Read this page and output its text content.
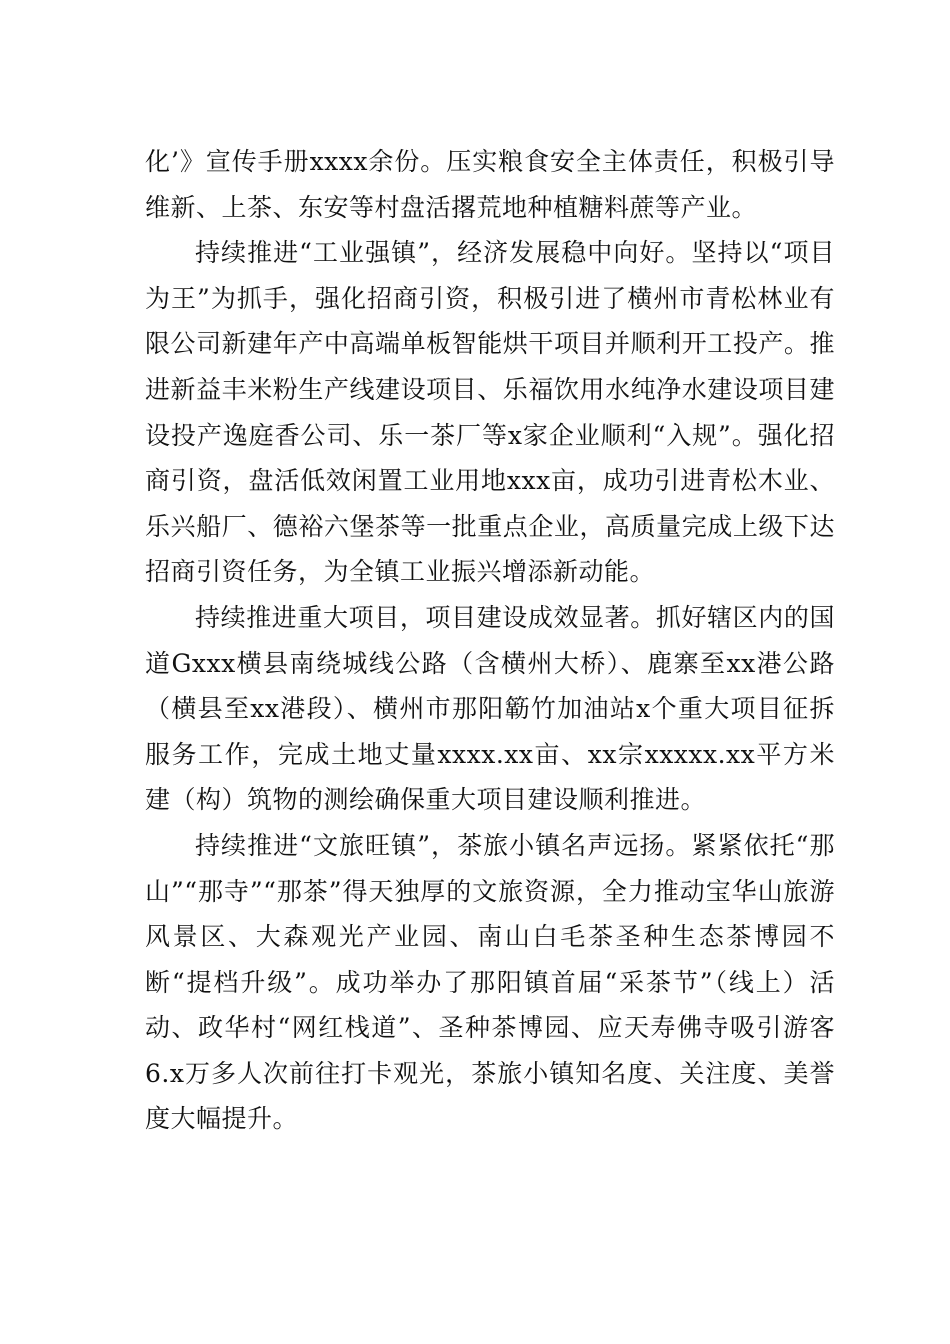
化’》宣传手册xxxx余份。压实粮食安全主体责任，积极引导维新、上茶、东安等村盘活撂荒地种植糖料蔗等产业。

持续推进“工业强镇”，经济发展稳中向好。坚持以“项目为王”为抓手，强化招商引资，积极引进了横州市青松林业有限公司新建年产中高端单板智能烘干项目并顺利开工投产。推进新益丰米粉生产线建设项目、乐福饮用水纯净水建设项目建设投产逸庭香公司、乐一茶厂等x家企业顺利“入规”。强化招商引资，盘活低效闲置工业用地xxx亩，成功引进青松木业、乐兴船厂、德裕六堡茶等一批重点企业，高质量完成上级下达招商引资任务，为全镇工业振兴增添新动能。

持续推进重大项目，项目建设成效显著。抓好辖区内的国道Gxxx横县南绕城线公路（含横州大桥）、鹿寨至xx港公路（横县至xx港段）、横州市那阳簕竹加油站x个重大项目征拆服务工作，完成土地丈量xxxx.xx亩、xx宗xxxxx.xx平方米建（构）筑物的测绘确保重大项目建设顺利推进。

持续推进“文旅旺镇”，茶旅小镇名声远扬。紧紧依托“那山”“那寺”“那茶”得天独厚的文旅资源，全力推动宝华山旅游风景区、大森观光产业园、南山白毛茶圣种生态茶博园不断“提档升级”。成功举办了那阳镇首届“采茶节”（线上）活动、政华村“网红栈道”、圣种茶博园、应天寿佛寺吸引游客6.x万多人次前往打卡观光，茶旅小镇知名度、关注度、美誉度大幅提升。
